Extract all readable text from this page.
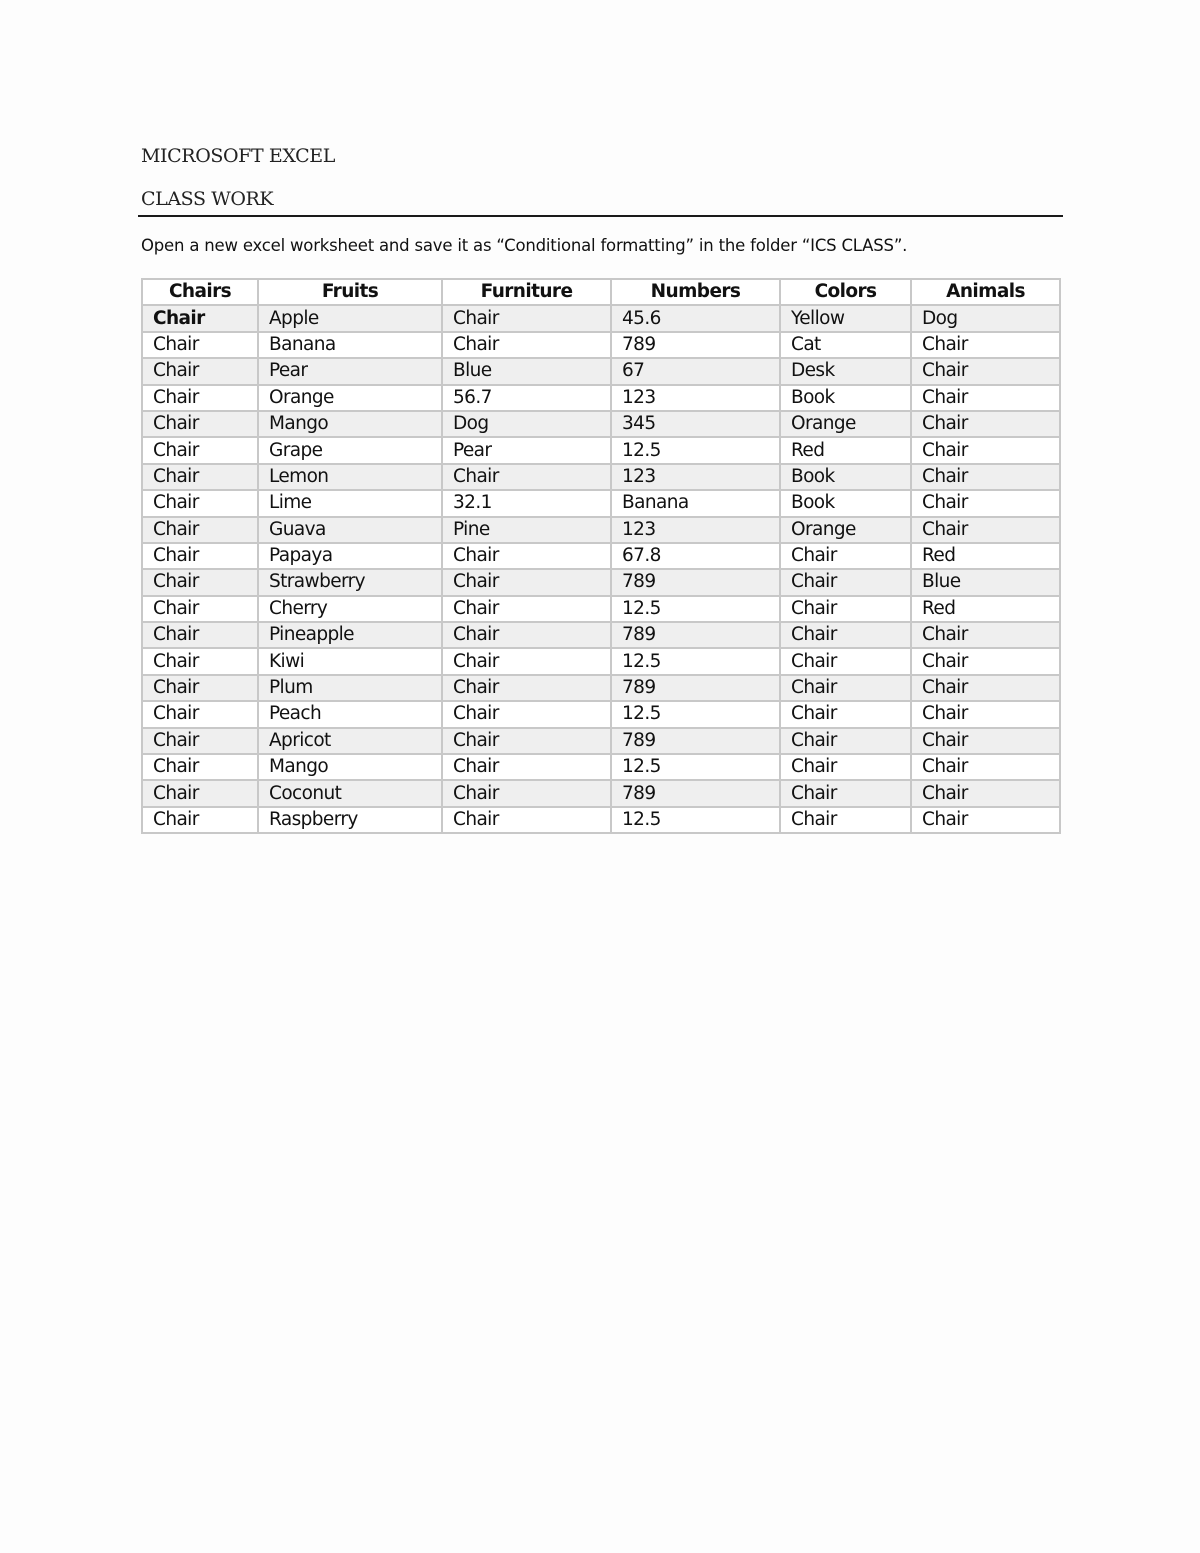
MICROSOFT EXCEL
CLASS WORK
Open a new excel worksheet and save it as “Conditional formatting” in the folder “ICS CLASS”.
Chairs	Fruits	Furniture	Numbers	Colors	Animals
Chair	Apple	Chair	45.6	Yellow	Dog
Chair	Banana	Chair	789	Cat	Chair
Chair	Pear	Blue	67	Desk	Chair
Chair	Orange	56.7	123	Book	Chair
Chair	Mango	Dog	345	Orange	Chair
Chair	Grape	Pear	12.5	Red	Chair
Chair	Lemon	Chair	123	Book	Chair
Chair	Lime	32.1	Banana	Book	Chair
Chair	Guava	Pine	123	Orange	Chair
Chair	Papaya	Chair	67.8	Chair	Red
Chair	Strawberry	Chair	789	Chair	Blue
Chair	Cherry	Chair	12.5	Chair	Red
Chair	Pineapple	Chair	789	Chair	Chair
Chair	Kiwi	Chair	12.5	Chair	Chair
Chair	Plum	Chair	789	Chair	Chair
Chair	Peach	Chair	12.5	Chair	Chair
Chair	Apricot	Chair	789	Chair	Chair
Chair	Mango	Chair	12.5	Chair	Chair
Chair	Coconut	Chair	789	Chair	Chair
Chair	Raspberry	Chair	12.5	Chair	Chair
